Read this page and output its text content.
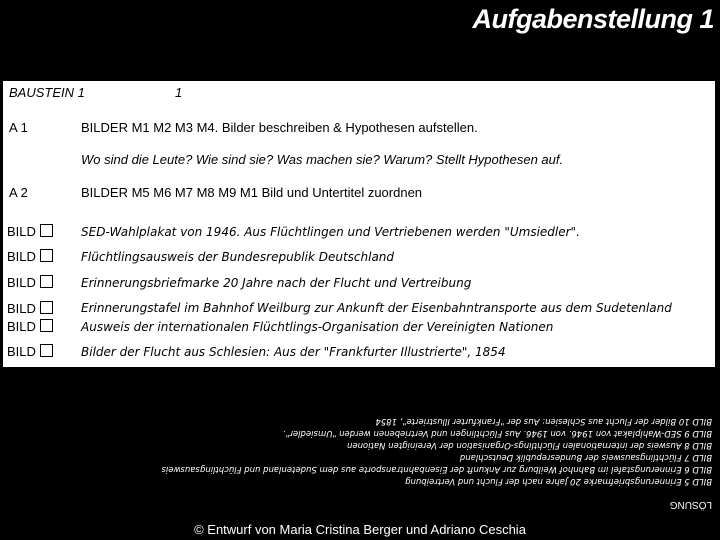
Aufgabenstellung 1
BAUSTEIN 1	1
A 1	BILDER M1 M2 M3 M4. Bilder beschreiben & Hypothesen aufstellen.
Wo sind die Leute? Wie sind sie? Was machen sie? Warum? Stellt Hypothesen auf.
A 2	BILDER M5 M6 M7 M8 M9 M1 Bild und Untertitel zuordnen
BILD	SED-Wahlplakat von 1946. Aus Flüchtlingen und Vertriebenen werden "Umsiedler".
BILD	Flüchtlingsausweis der Bundesrepublik Deutschland
BILD	Erinnerungsbriefmarke 20 Jahre nach der Flucht und Vertreibung
BILD	Erinnerungstafel im Bahnhof Weilburg zur Ankunft der Eisenbahntransporte aus dem Sudetenland
BILD	Ausweis der internationalen Flüchtlings-Organisation der Vereinigten Nationen
BILD	Bilder der Flucht aus Schlesien: Aus der "Frankfurter Illustrierte", 1854
LÖSUNG
BILD 5 Erinnerungsbriefmarke 20 Jahre nach der Flucht und Vertreibung
BILD 6 Erinnerungstafel im Bahnhof Weilburg zur Ankunft der Eisenbahntransporte aus dem Sudetenland und Flüchtlingsausweis
BILD 7 Flüchtlingsausweis der Bundesrepublik Deutschland
BILD 8 Ausweis der internationalen Flüchtlings-Organisation der Vereinigten Nationen
BILD 9 SED-Wahlplakat von 1946. von 1946. Aus Flüchtlingen und Vertriebenen werden "Umsiedler".
BILD 10 Bilder der Flucht aus Schlesien: Aus der "Frankfurter Illustrierte", 1854
© Entwurf von Maria Cristina Berger und Adriano Ceschia
